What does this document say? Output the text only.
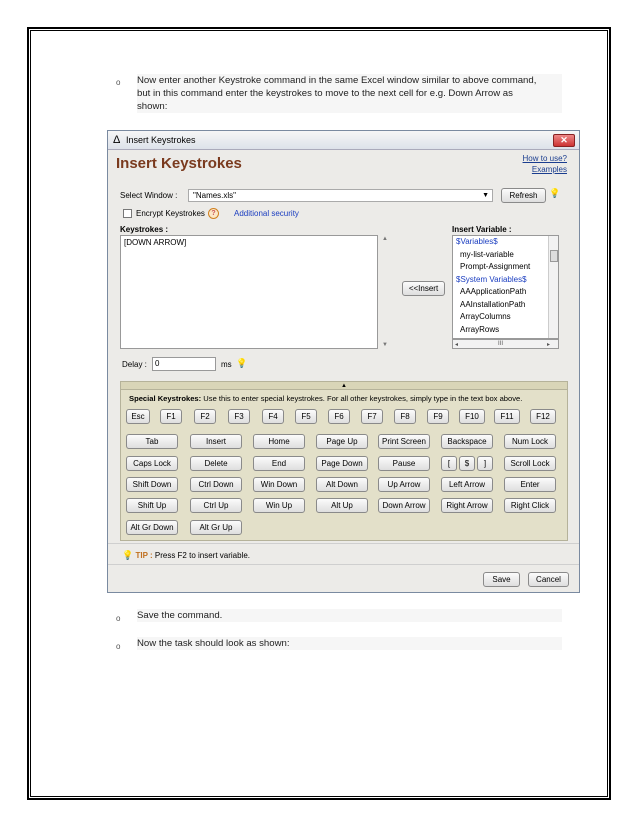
o Now enter another Keystroke command in the same Excel window similar to above command,
but in this command enter the keystrokes to move to the next cell for e.g. Down Arrow as
shown:
Δ Insert Keystrokes	✕
Insert Keystrokes	How to use?
Examples
Select Window :	"Names.xls"	▼	Refresh	💡
Encrypt Keystrokes ?	Additional security
Keystrokes :	Insert Variable :
[DOWN ARROW]	▲
▼
<<Insert
$Variables$
my-list-variable
Prompt-Assignment
$System Variables$
AAApplicationPath
AAInstallationPath
ArrayColumns
ArrayRows
◂	III	▸
Delay :	0	ms 💡
▲
Special Keystrokes: Use this to enter special keystrokes. For all other keystrokes, simply type in the text box above.
Esc	F1	F2	F3	F4	F5	F6	F7	F8	F9	F10	F11	F12
Tab	Insert	Home	Page Up	Print Screen	Backspace	Num Lock
Caps Lock	Delete	End	Page Down	Pause	[	$	]	Scroll Lock
Shift Down	Ctrl Down	Win Down	Alt Down	Up Arrow	Left Arrow	Enter
Shift Up	Ctrl Up	Win Up	Alt Up	Down Arrow	Right Arrow	Right Click
Alt Gr Down	Alt Gr Up
💡 TIP : Press F2 to insert variable.
Save	Cancel
o Save the command.
o Now the task should look as shown:
